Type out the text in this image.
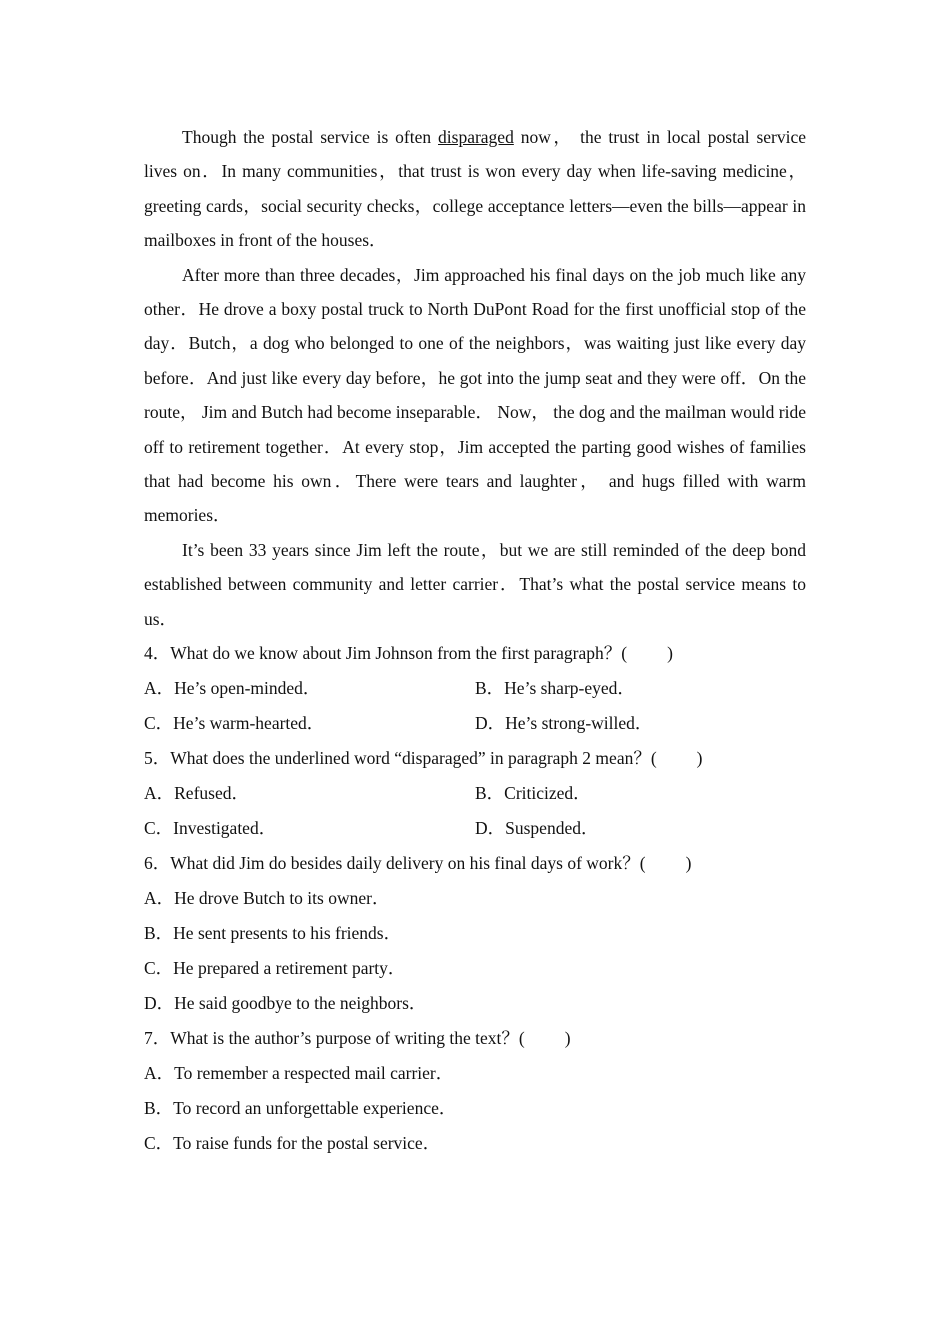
Though the postal service is often disparaged now， the trust in local postal service lives on．In many communities，that trust is won every day when life-saving medicine，greeting cards，social security checks，college acceptance letters—even the bills—appear in mailboxes in front of the houses．

After more than three decades，Jim approached his final days on the job much like any other．He drove a boxy postal truck to North DuPont Road for the first unofficial stop of the day．Butch，a dog who belonged to one of the neighbors，was waiting just like every day before．And just like every day before，he got into the jump seat and they were off．On the route， Jim and Butch had become inseparable． Now， the dog and the mailman would ride off to retirement together．At every stop，Jim accepted the parting good wishes of families that had become his own．There were tears and laughter， and hugs filled with warm memories．

It’s been 33 years since Jim left the route，but we are still reminded of the deep bond established between community and letter carrier．That’s what the postal service means to us．

4．What do we know about Jim Johnson from the first paragraph？( )
A．He’s open-minded．	B．He’s sharp-eyed．
C．He’s warm-hearted．	D．He’s strong-willed．
5．What does the underlined word “disparaged” in paragraph 2 mean？( )
A．Refused．	B．Criticized．
C．Investigated．	D．Suspended．
6．What did Jim do besides daily delivery on his final days of work？( )
A．He drove Butch to its owner．
B．He sent presents to his friends．
C．He prepared a retirement party．
D．He said goodbye to the neighbors．
7．What is the author’s purpose of writing the text？( )
A．To remember a respected mail carrier．
B．To record an unforgettable experience．
C．To raise funds for the postal service．
